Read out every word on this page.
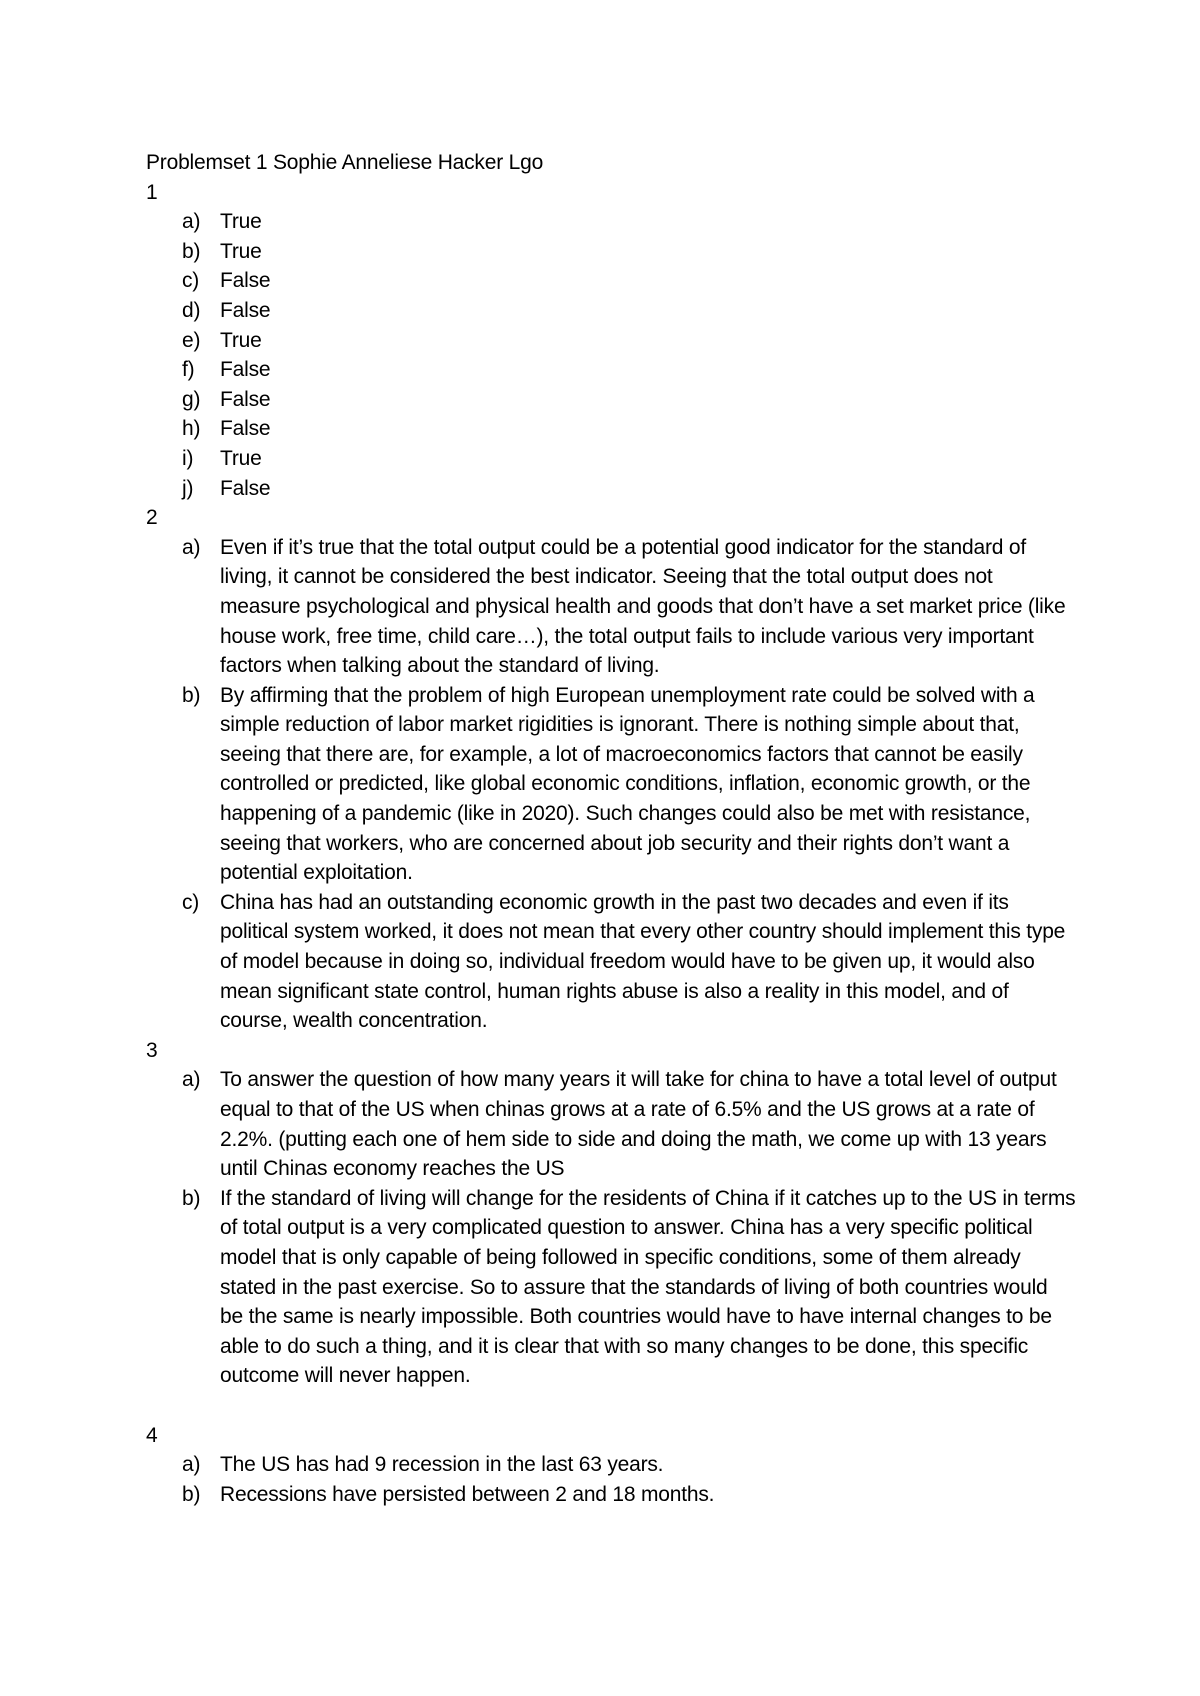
Problemset 1 Sophie Anneliese Hacker Lgo

1

a) True
b) True
c) False
d) False
e) True
f)	False
g) False
h) False
i)	True
j)	False

2

a) Even if it’s true that the total output could be a potential good indicator for the standard of living, it cannot be considered the best indicator. Seeing that the total output does not measure psychological and physical health and goods that don’t have a set market price (like house work, free time, child care…), the total output fails to include various very important factors when talking about the standard of living.
b) By affirming that the problem of high European unemployment rate could be solved with a simple reduction of labor market rigidities is ignorant. There is nothing simple about that, seeing that there are, for example, a lot of macroeconomics factors that cannot be easily controlled or predicted, like global economic conditions, inflation, economic growth, or the happening of a pandemic (like in 2020). Such changes could also be met with resistance, seeing that workers, who are concerned about job security and their rights don’t want a potential exploitation.
c) China has had an outstanding economic growth in the past two decades and even if its political system worked, it does not mean that every other country should implement this type of model because in doing so, individual freedom would have to be given up, it would also mean significant state control, human rights abuse is also a reality in this model, and of course, wealth concentration.

3

a) To answer the question of how many years it will take for china to have a total level of output equal to that of the US when chinas grows at a rate of 6.5% and the US grows at a rate of 2.2%. (putting each one of hem side to side and doing the math, we come up with 13 years until Chinas economy reaches the US
b) If the standard of living will change for the residents of China if it catches up to the US in terms of total output is a very complicated question to answer. China has a very specific political model that is only capable of being followed in specific conditions, some of them already stated in the past exercise. So to assure that the standards of living of both countries would be the same is nearly impossible. Both countries would have to have internal changes to be able to do such a thing, and it is clear that with so many changes to be done, this specific outcome will never happen.

4

a) The US has had 9 recession in the last 63 years.
b) Recessions have persisted between 2 and 18 months.
